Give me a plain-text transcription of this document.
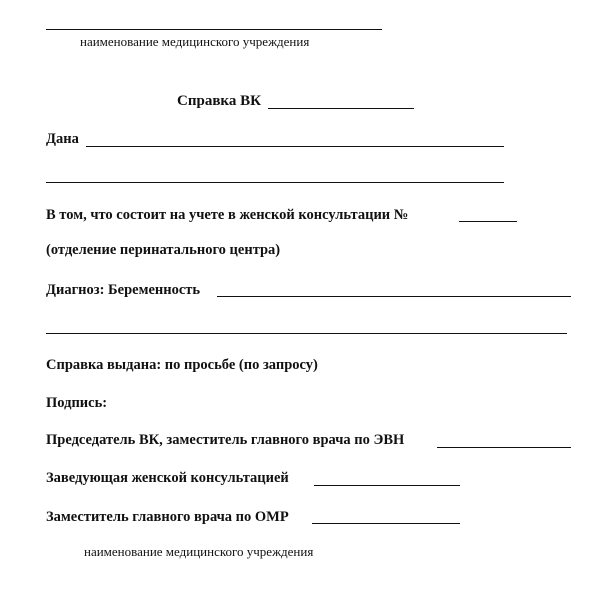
наименование медицинского учреждения
Справка ВК
Дана
В том, что состоит на учете в женской консультации №
(отделение перинатального центра)
Диагноз: Беременность
Справка выдана: по просьбе (по запросу)
Подпись:
Председатель ВК, заместитель главного врача по ЭВН
Заведующая женской консультацией
Заместитель главного врача по ОМР
наименование медицинского учреждения
